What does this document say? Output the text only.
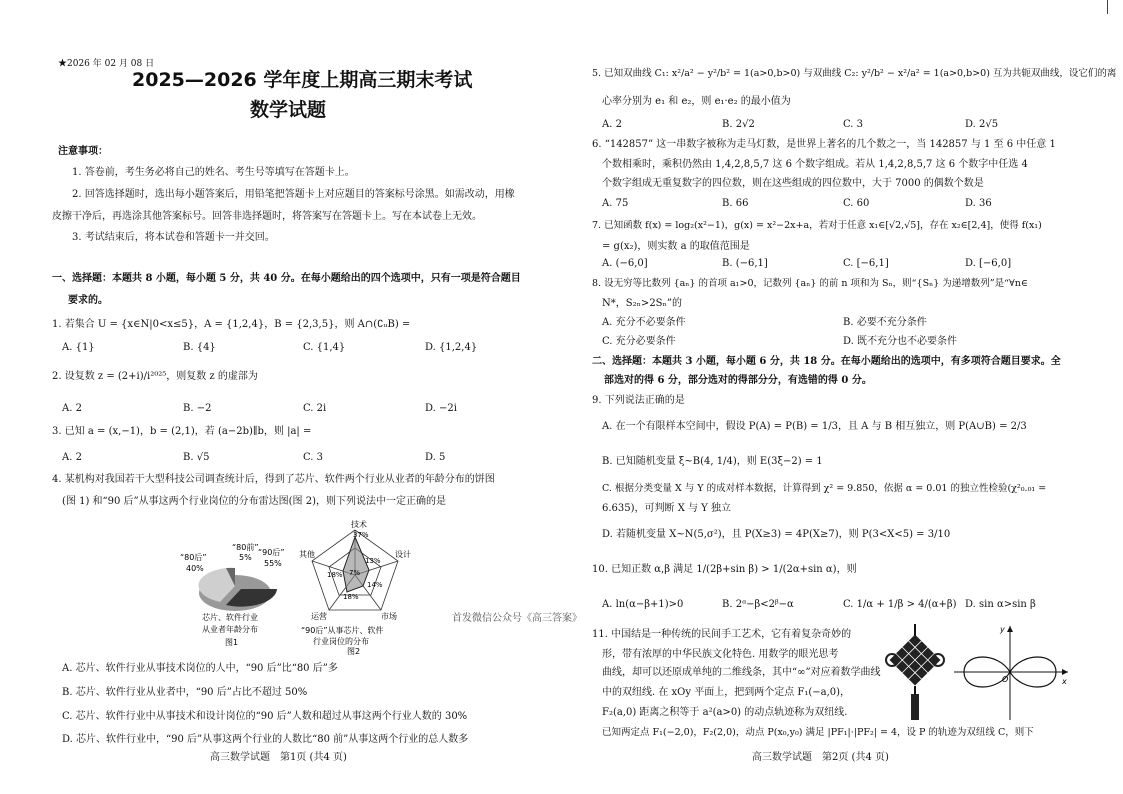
★2026 年 02 月 08 日
2025—2026 学年度上期高三期末考试
数学试题
注意事项：
1. 答卷前，考生务必将自己的姓名、考生号等填写在答题卡上。
2. 回答选择题时，选出每小题答案后，用铅笔把答题卡上对应题目的答案标号涂黑。如需改动，用橡
皮擦干净后，再选涂其他答案标号。回答非选择题时，将答案写在答题卡上。写在本试卷上无效。
3. 考试结束后，将本试卷和答题卡一并交回。
一、选择题：本题共 8 小题，每小题 5 分，共 40 分。在每小题给出的四个选项中，只有一项是符合题目
要求的。
1. 若集合 U = {x∈N|0<x≤5}，A = {1,2,4}，B = {2,3,5}，则 A∩(∁ᵤB) =
A. {1}	B. {4}	C. {1,4}	D. {1,2,4}
2. 设复数 z = (2+i)/i²⁰²⁵，则复数 z 的虚部为
A. 2	B. −2	C. 2i	D. −2i
3. 已知 a = (x,−1)，b = (2,1)，若 (a−2b)∥b，则 |a| =
A. 2	B. √5	C. 3	D. 5
4. 某机构对我国若干大型科技公司调查统计后，得到了芯片、软件两个行业从业者的年龄分布的饼图
(图 1) 和“90 后”从事这两个行业岗位的分布雷达图(图 2)，则下列说法中一定正确的是
“80后”
40%
“80前”
5%
“90后”
55%
芯片、软件行业
从业者年龄分布
图1
技术
37%
设计
市场
运营
其他
18%
13%
14%
18%
7%
“90后”从事芯片、软件
行业岗位的分布
图2
A. 芯片、软件行业从事技术岗位的人中，“90 后”比“80 后”多
B. 芯片、软件行业从业者中，“90 后”占比不超过 50%
C. 芯片、软件行业中从事技术和设计岗位的“90 后”人数和超过从事这两个行业人数的 30%
D. 芯片、软件行业中，“90 后”从事这两个行业的人数比“80 前”从事这两个行业的总人数多
高三数学试题　第1页 (共4 页)
5. 已知双曲线 C₁: x²/a² − y²/b² = 1(a>0,b>0) 与双曲线 C₂: y²/b² − x²/a² = 1(a>0,b>0) 互为共轭双曲线，设它们的离
心率分别为 e₁ 和 e₂，则 e₁·e₂ 的最小值为
A. 2	B. 2√2	C. 3	D. 2√5
6. “142857” 这一串数字被称为走马灯数，是世界上著名的几个数之一，当 142857 与 1 至 6 中任意 1
个数相乘时，乘积仍然由 1,4,2,8,5,7 这 6 个数字组成。若从 1,4,2,8,5,7 这 6 个数字中任选 4
个数字组成无重复数字的四位数，则在这些组成的四位数中，大于 7000 的偶数个数是
A. 75	B. 66	C. 60	D. 36
7. 已知函数 f(x) = log₂(x²−1)，g(x) = x²−2x+a，若对于任意 x₁∈[√2,√5]，存在 x₂∈[2,4]，使得 f(x₁)
= g(x₂)，则实数 a 的取值范围是
A. (−6,0]	B. (−6,1]	C. [−6,1]	D. [−6,0]
8. 设无穷等比数列 {aₙ} 的首项 a₁>0，记数列 {aₙ} 的前 n 项和为 Sₙ，则“{Sₙ} 为递增数列”是“∀n∈
N*，S₂ₙ>2Sₙ”的
A. 充分不必要条件	B. 必要不充分条件
C. 充分必要条件	D. 既不充分也不必要条件
二、选择题：本题共 3 小题，每小题 6 分，共 18 分。在每小题给出的选项中，有多项符合题目要求。全
部选对的得 6 分，部分选对的得部分分，有选错的得 0 分。
9. 下列说法正确的是
A. 在一个有限样本空间中，假设 P(A) = P(B) = 1/3，且 A 与 B 相互独立，则 P(A∪B) = 2/3
B. 已知随机变量 ξ~B(4, 1/4)，则 E(3ξ−2) = 1
C. 根据分类变量 X 与 Y 的成对样本数据，计算得到 χ² = 9.850，依据 α = 0.01 的独立性检验(χ²₀.₀₁ =
6.635)，可判断 X 与 Y 独立
D. 若随机变量 X~N(5,σ²)，且 P(X≥3) = 4P(X≥7)，则 P(3<X<5) = 3/10
10. 已知正数 α,β 满足 1/(2β+sin β) > 1/(2α+sin α)，则
A. ln(α−β+1)>0	B. 2ᵅ−β<2ᵝ−α	C. 1/α + 1/β > 4/(α+β) D. sin α>sin β
首发微信公众号《高三答案》
11. 中国结是一种传统的民间手工艺术，它有着复杂奇妙的
形，带有浓厚的中华民族文化特色. 用数学的眼光思考
曲线，却可以还原成单纯的二维线条，其中“∞”对应着数学曲线
中的双纽线. 在 xOy 平面上，把到两个定点 F₁(−a,0)，
F₂(a,0) 距离之积等于 a²(a>0) 的动点轨迹称为双纽线.
已知两定点 F₁(−2,0)，F₂(2,0)，动点 P(x₀,y₀) 满足 |PF₁|·|PF₂| = 4，设 P 的轨迹为双纽线 C，则下
x
y
O
高三数学试题　第2页 (共4 页)
